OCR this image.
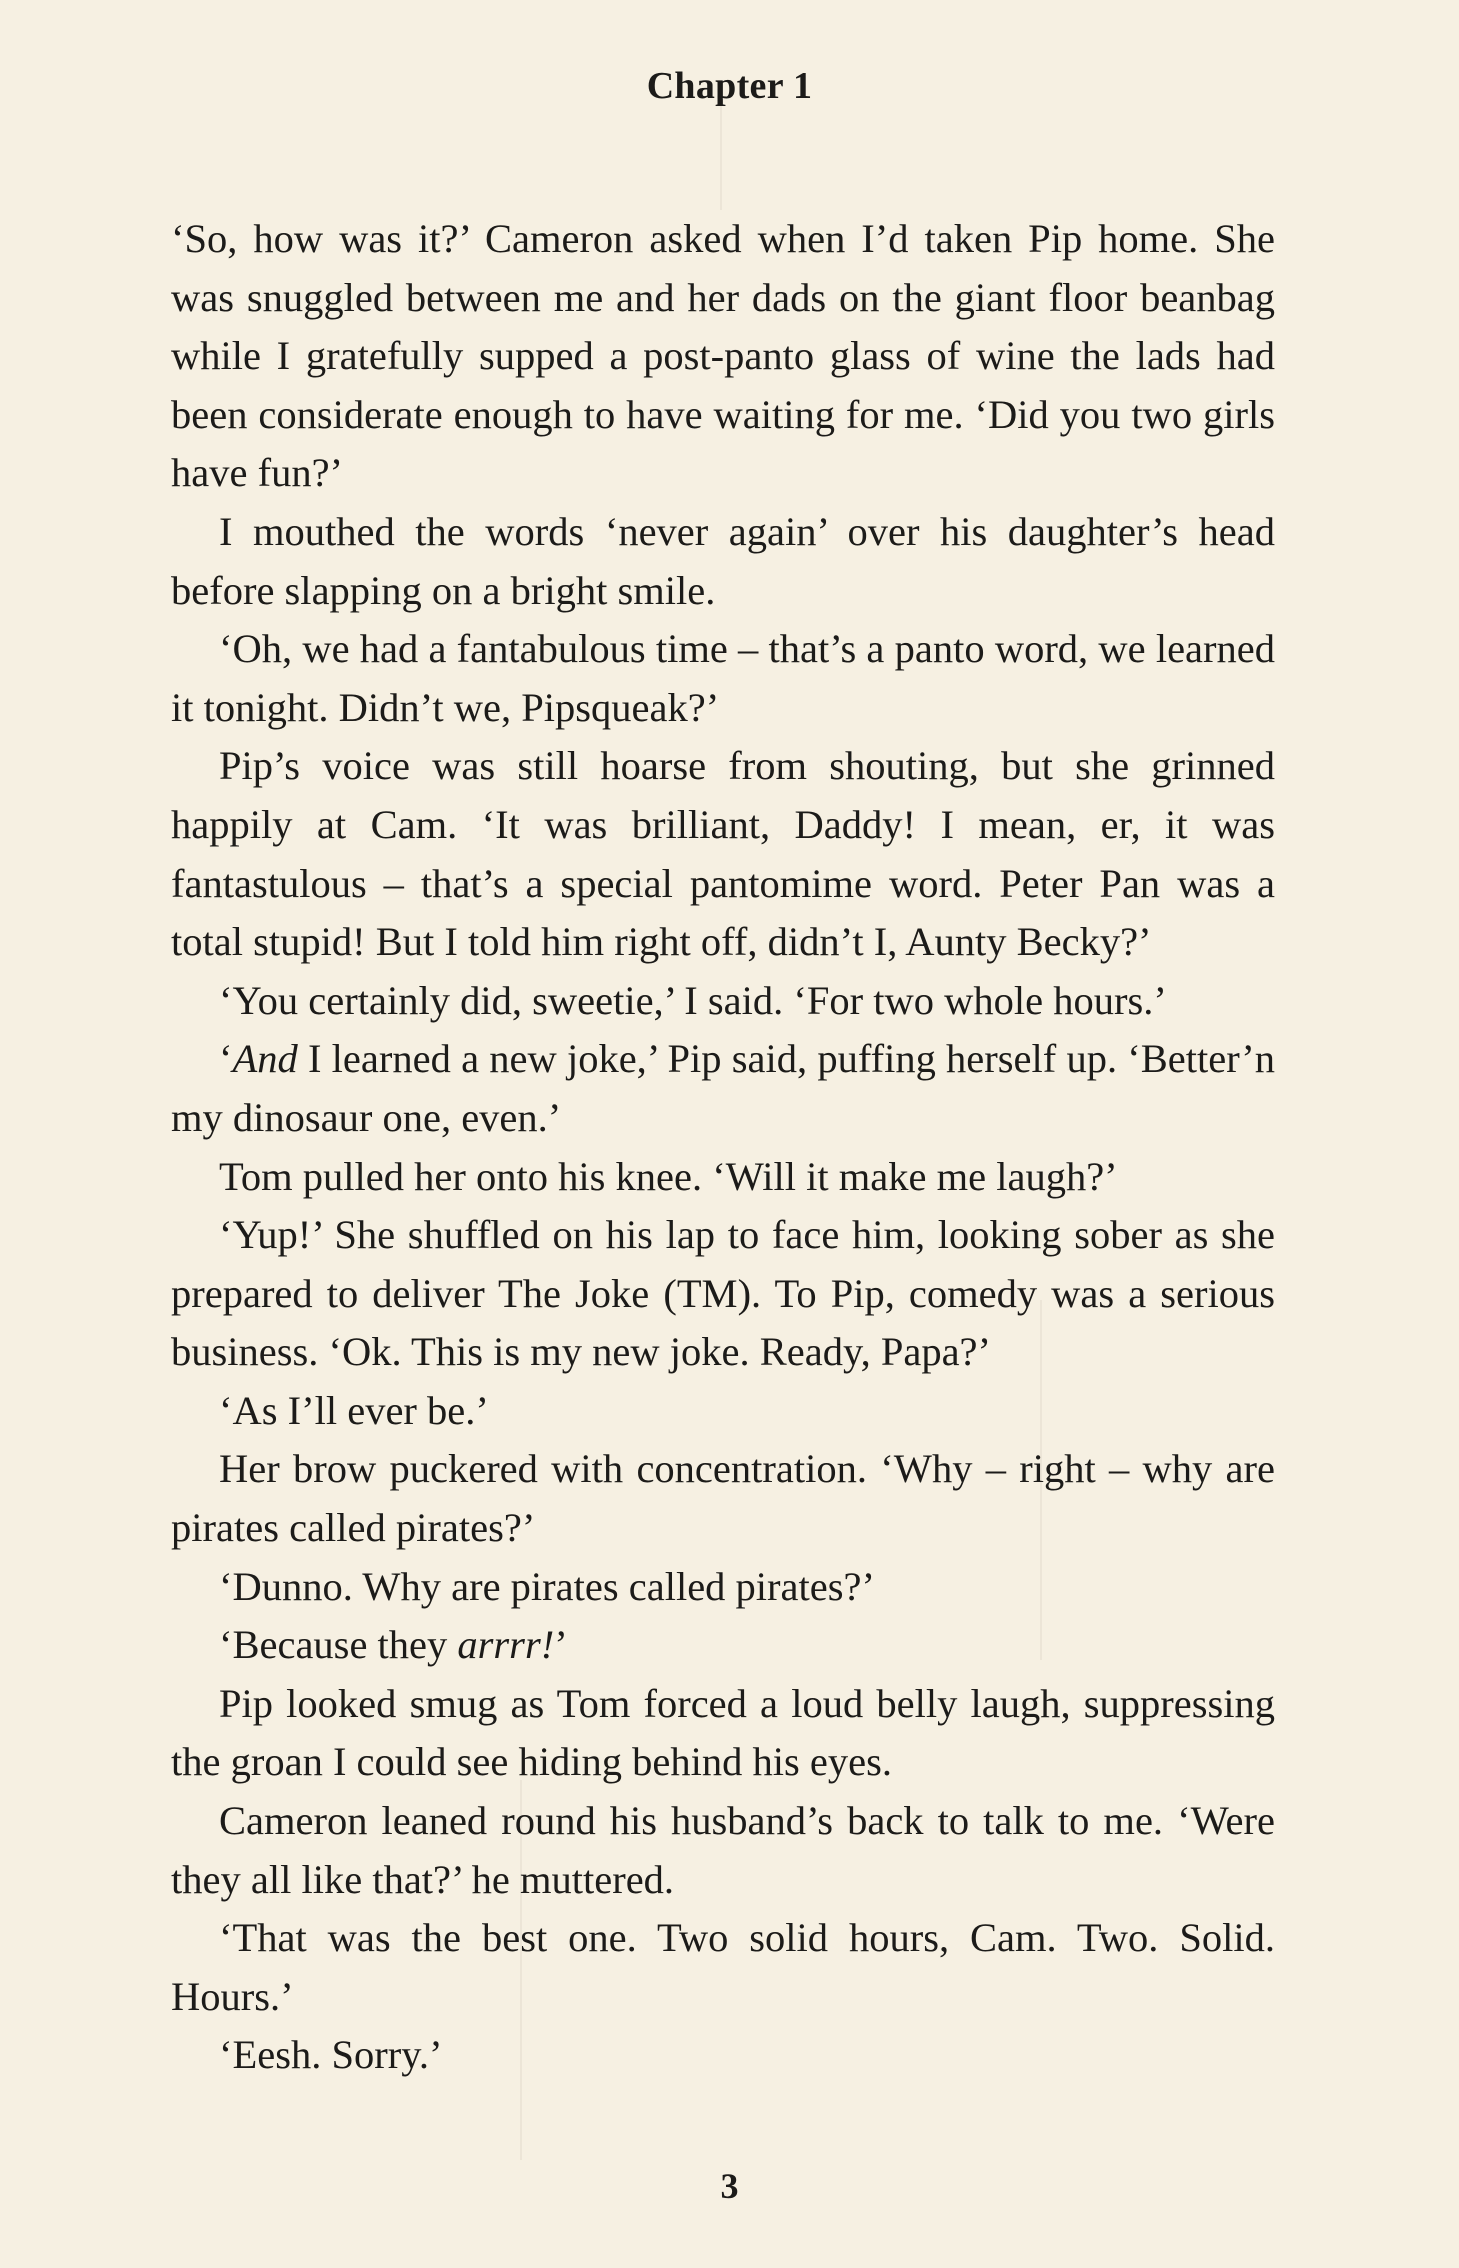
Chapter 1

‘So, how was it?’ Cameron asked when I’d taken Pip home. She was snuggled between me and her dads on the giant floor beanbag while I gratefully supped a post-panto glass of wine the lads had been considerate enough to have waiting for me. ‘Did you two girls have fun?’

I mouthed the words ‘never again’ over his daughter’s head before slapping on a bright smile.

‘Oh, we had a fantabulous time – that’s a panto word, we learned it tonight. Didn’t we, Pipsqueak?’

Pip’s voice was still hoarse from shouting, but she grinned happily at Cam. ‘It was brilliant, Daddy! I mean, er, it was fantastulous – that’s a special pantomime word. Peter Pan was a total stupid! But I told him right off, didn’t I, Aunty Becky?’

‘You certainly did, sweetie,’ I said. ‘For two whole hours.’

‘And I learned a new joke,’ Pip said, puffing herself up. ‘Better’n my dinosaur one, even.’

Tom pulled her onto his knee. ‘Will it make me laugh?’

‘Yup!’ She shuffled on his lap to face him, looking sober as she prepared to deliver The Joke (TM). To Pip, comedy was a serious business. ‘Ok. This is my new joke. Ready, Papa?’

‘As I’ll ever be.’

Her brow puckered with concentration. ‘Why – right – why are pirates called pirates?’

‘Dunno. Why are pirates called pirates?’

‘Because they arrrr!’

Pip looked smug as Tom forced a loud belly laugh, suppressing the groan I could see hiding behind his eyes.

Cameron leaned round his husband’s back to talk to me. ‘Were they all like that?’ he muttered.

‘That was the best one. Two solid hours, Cam. Two. Solid. Hours.’

‘Eesh. Sorry.’

3
